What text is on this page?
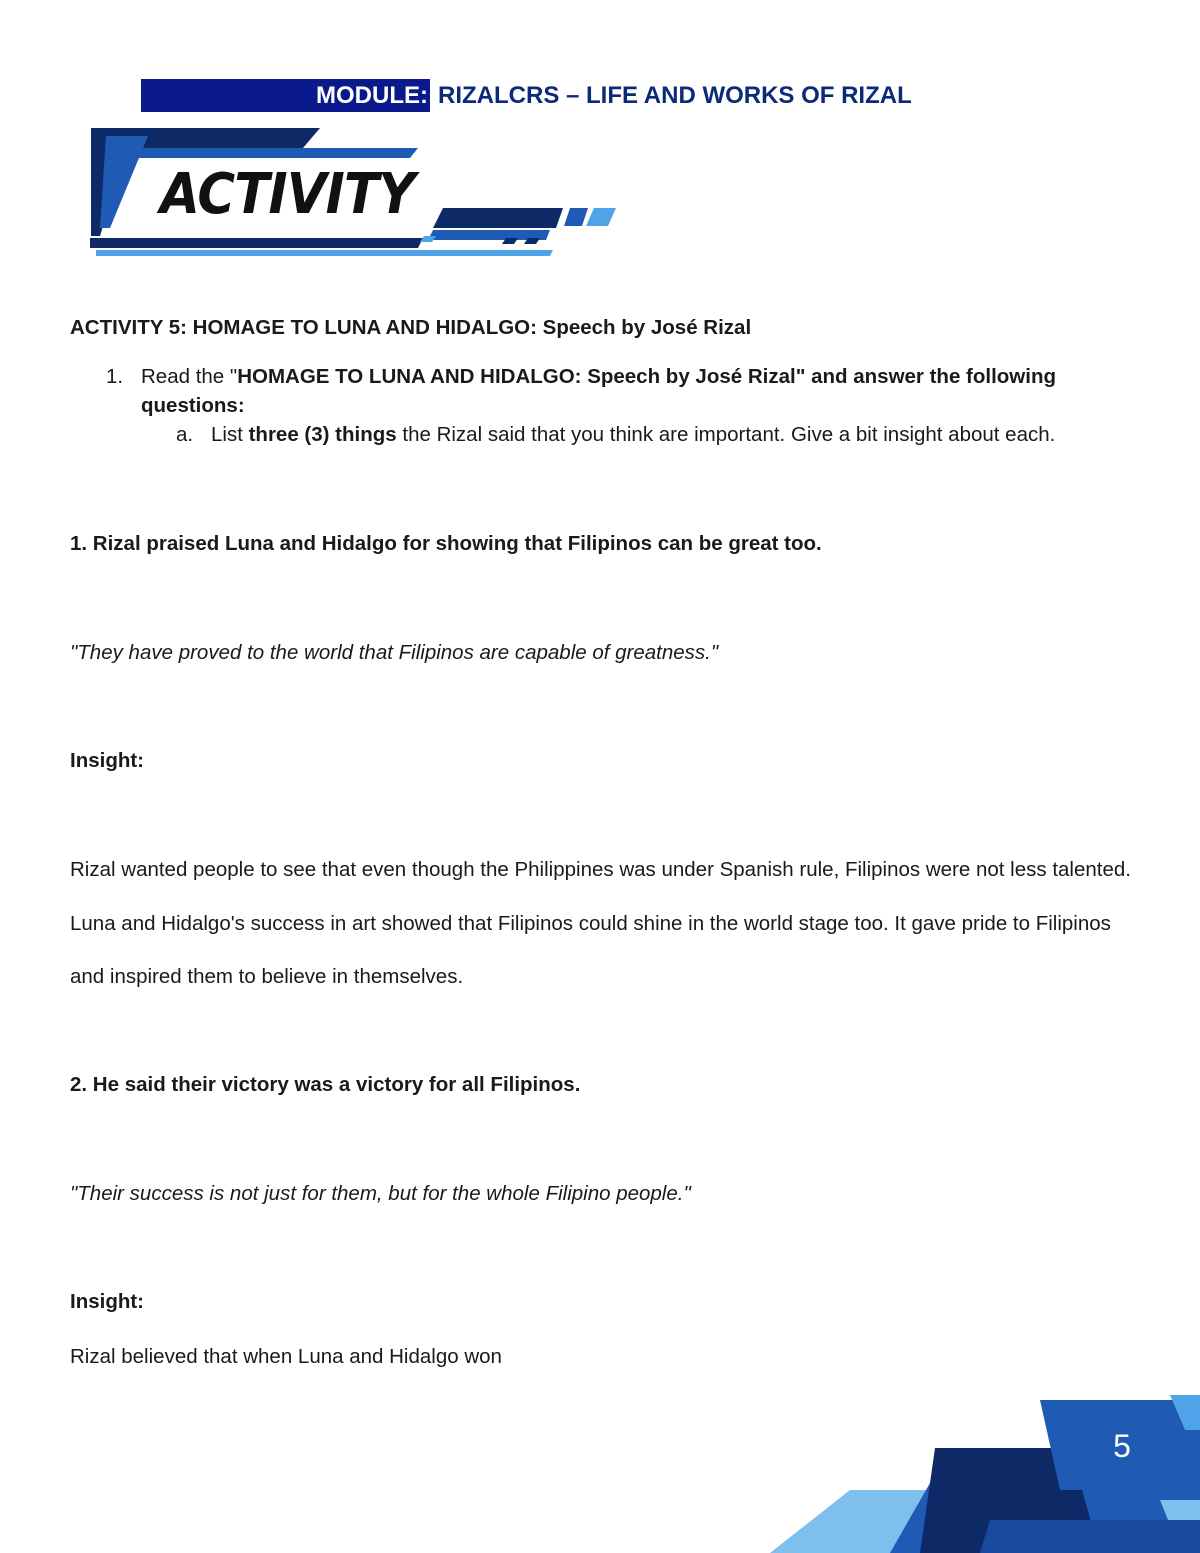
MODULE: RIZALCRS – LIFE AND WORKS OF RIZAL
ACTIVITY
ACTIVITY 5: HOMAGE TO LUNA AND HIDALGO: Speech by José Rizal
1. Read the "HOMAGE TO LUNA AND HIDALGO: Speech by José Rizal" and answer the following questions:
a. List three (3) things the Rizal said that you think are important. Give a bit insight about each.
1. Rizal praised Luna and Hidalgo for showing that Filipinos can be great too.
"They have proved to the world that Filipinos are capable of greatness."
Insight:
Rizal wanted people to see that even though the Philippines was under Spanish rule, Filipinos were not less talented. Luna and Hidalgo's success in art showed that Filipinos could shine in the world stage too. It gave pride to Filipinos and inspired them to believe in themselves.
2. He said their victory was a victory for all Filipinos.
"Their success is not just for them, but for the whole Filipino people."
Insight:
Rizal believed that when Luna and Hidalgo won
5
